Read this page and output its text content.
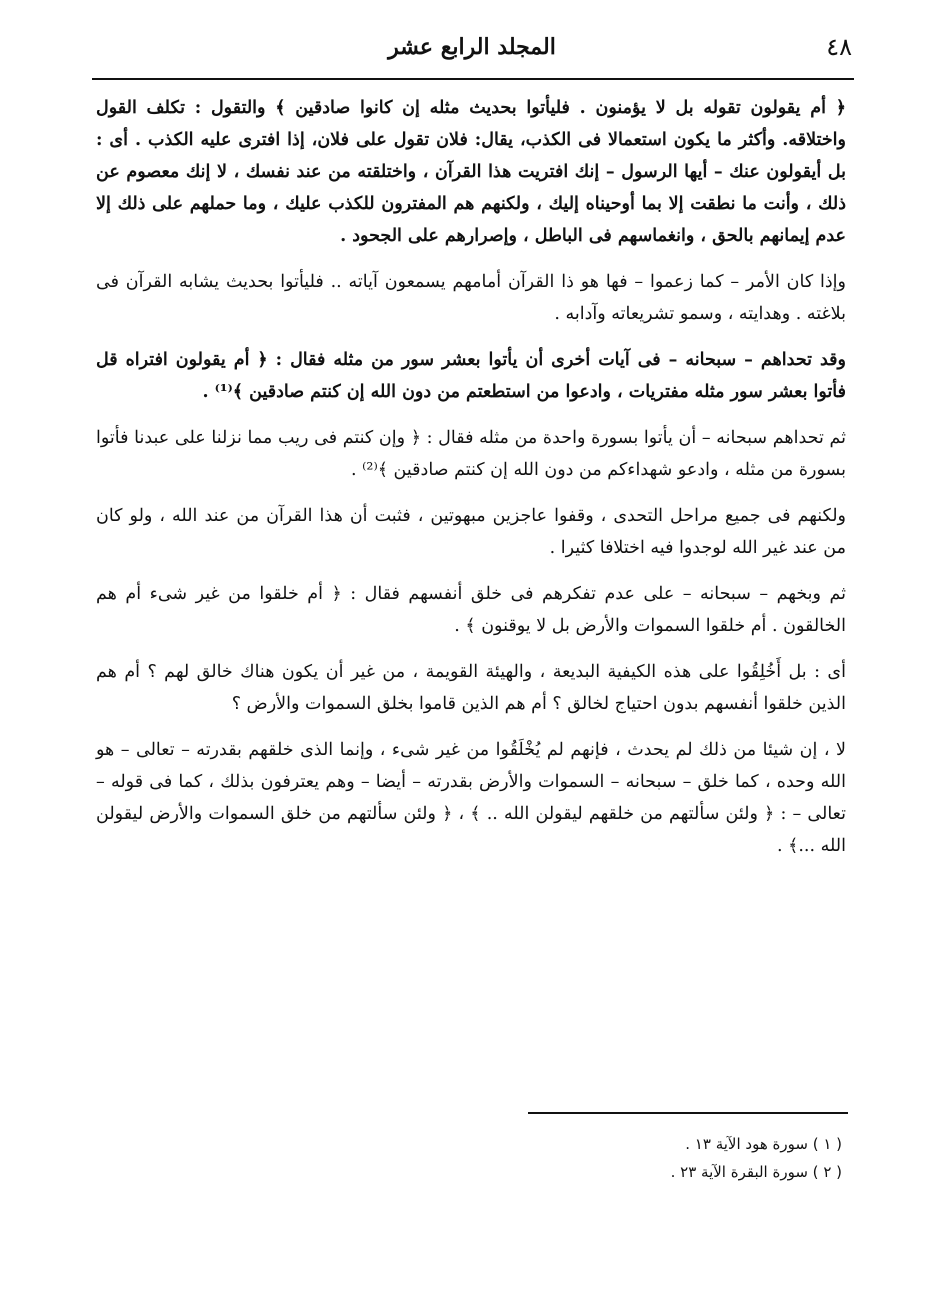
٤٨
المجلد الرابع عشر

﴿ أم يقولون تقوله بل لا يؤمنون . فليأتوا بحديث مثله إن كانوا صادقين ﴾ والتقول : تكلف القول واختلاقه. وأكثر ما يكون استعمالا فى الكذب، يقال: فلان تقول على فلان، إذا افترى عليه الكذب . أى : بل أيقولون عنك – أيها الرسول – إنك افتريت هذا القرآن ، واختلقته من عند نفسك ، لا إنك معصوم عن ذلك ، وأنت ما نطقت إلا بما أوحيناه إليك ، ولكنهم هم المفترون للكذب عليك ، وما حملهم على ذلك إلا عدم إيمانهم بالحق ، وانغماسهم فى الباطل ، وإصرارهم على الجحود .

وإذا كان الأمر – كما زعموا – فها هو ذا القرآن أمامهم يسمعون آياته .. فليأتوا بحديث يشابه القرآن فى بلاغته . وهدايته ، وسمو تشريعاته وآدابه .

وقد تحداهم – سبحانه – فى آيات أخرى أن يأتوا بعشر سور من مثله فقال : ﴿ أم يقولون افتراه قل فأتوا بعشر سور مثله مفتريات ، وادعوا من استطعتم من دون الله إن كنتم صادقين ﴾⁽¹⁾ .

ثم تحداهم سبحانه – أن يأتوا بسورة واحدة من مثله فقال : ﴿ وإن كنتم فى ريب مما نزلنا على عبدنا فأتوا بسورة من مثله ، وادعو شهداءكم من دون الله إن كنتم صادقين ﴾⁽²⁾ .

ولكنهم فى جميع مراحل التحدى ، وقفوا عاجزين مبهوتين ، فثبت أن هذا القرآن من عند الله ، ولو كان من عند غير الله لوجدوا فيه اختلافا كثيرا .

ثم وبخهم – سبحانه – على عدم تفكرهم فى خلق أنفسهم فقال : ﴿ أم خلقوا من غير شىء أم هم الخالقون . أم خلقوا السموات والأرض بل لا يوقنون ﴾ .

أى : بل أَخُلِقُوا على هذه الكيفية البديعة ، والهيئة القويمة ، من غير أن يكون هناك خالق لهم ؟ أم هم الذين خلقوا أنفسهم بدون احتياج لخالق ؟ أم هم الذين قاموا بخلق السموات والأرض ؟

لا ، إن شيئا من ذلك لم يحدث ، فإنهم لم يُخْلَقُوا من غير شىء ، وإنما الذى خلقهم بقدرته – تعالى – هو الله وحده ، كما خلق – سبحانه – السموات والأرض بقدرته – أيضا – وهم يعترفون بذلك ، كما فى قوله – تعالى – : ﴿ ولئن سألتهم من خلقهم ليقولن الله .. ﴾ ، ﴿ ولئن سألتهم من خلق السموات والأرض ليقولن الله ...﴾ .

( ١ ) سورة هود الآية ١٣ .

( ٢ ) سورة البقرة الآية ٢٣ .
